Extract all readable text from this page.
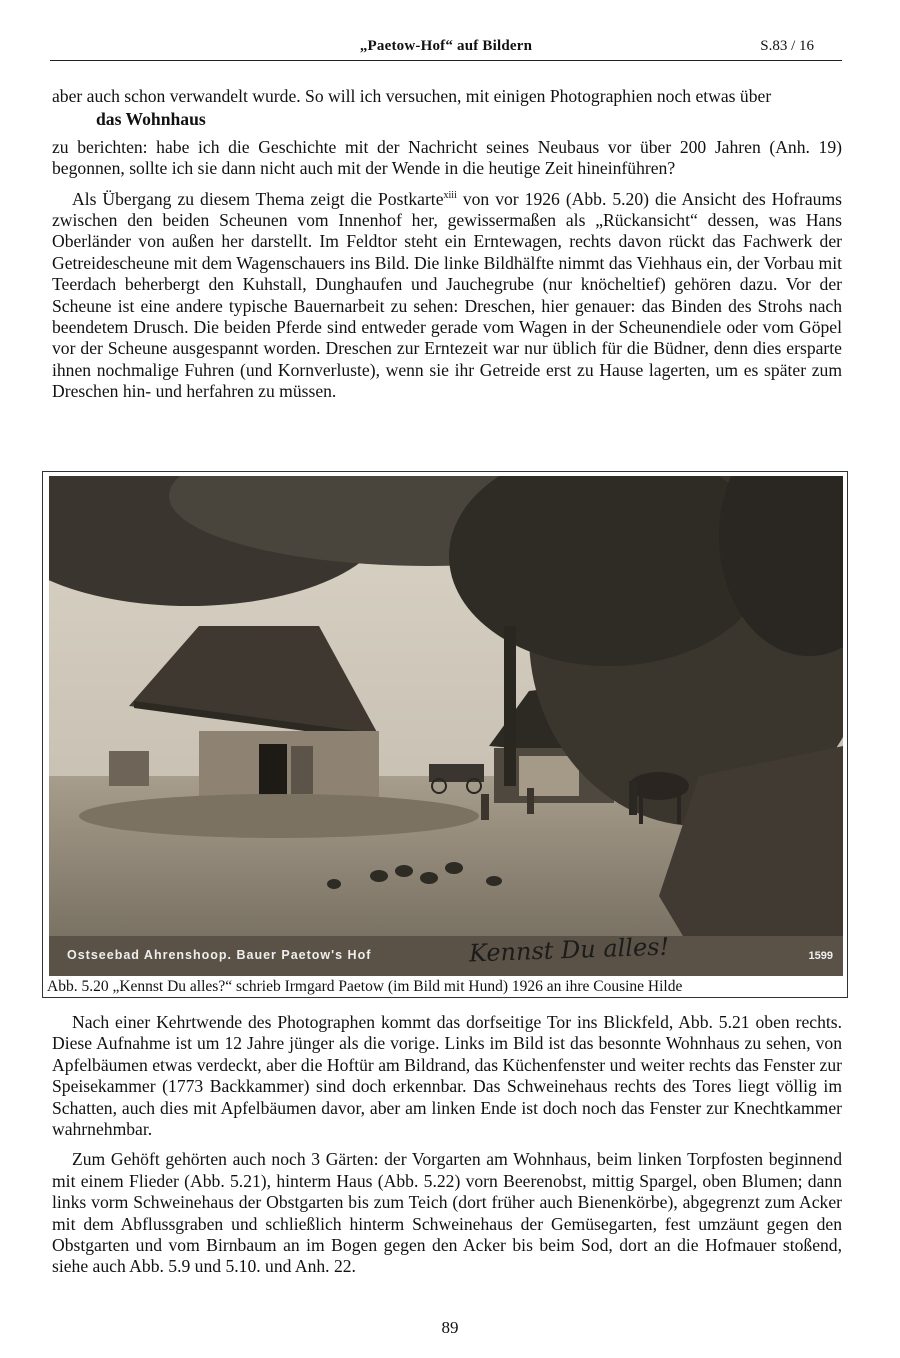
„Paetow-Hof“ auf Bildern	S.83 / 16

aber auch schon verwandelt wurde. So will ich versuchen, mit einigen Photographien noch etwas über

das Wohnhaus

zu berichten: habe ich die Geschichte mit der Nachricht seines Neubaus vor über 200 Jahren (Anh. 19) begonnen, sollte ich sie dann nicht auch mit der Wende in die heutige Zeit hineinführen?

Als Übergang zu diesem Thema zeigt die Postkarte$^{xiii}$ von vor 1926 (Abb. 5.20) die Ansicht des Hofraums zwischen den beiden Scheunen vom Innenhof her, gewissermaßen als „Rückansicht“ dessen, was Hans Oberländer von außen her darstellt. Im Feldtor steht ein Erntewagen, rechts davon rückt das Fachwerk der Getreidescheune mit dem Wagenschauers ins Bild. Die linke Bildhälfte nimmt das Viehhaus ein, der Vorbau mit Teerdach beherbergt den Kuhstall, Dunghaufen und Jauchegrube (nur knöcheltief) gehören dazu. Vor der Scheune ist eine andere typische Bauernarbeit zu sehen: Dreschen, hier genauer: das Binden des Strohs nach beendetem Drusch. Die beiden Pferde sind entweder gerade vom Wagen in der Scheunendiele oder vom Göpel vor der Scheune ausgespannt worden. Dreschen zur Erntezeit war nur üblich für die Büdner, denn dies ersparte ihnen nochmalige Fuhren (und Kornverluste), wenn sie ihr Getreide erst zu Hause lagerten, um es später zum Dreschen hin- und herfahren zu müssen.

Ostseebad Ahrenshoop. Bauer Paetow's Hof	1599
Kennst Du alles!
Abb. 5.20 „Kennst Du alles?“ schrieb Irmgard Paetow (im Bild mit Hund) 1926 an ihre Cousine Hilde

Nach einer Kehrtwende des Photographen kommt das dorfseitige Tor ins Blickfeld, Abb. 5.21 oben rechts. Diese Aufnahme ist um 12 Jahre jünger als die vorige. Links im Bild ist das besonnte Wohnhaus zu sehen, von Apfelbäumen etwas verdeckt, aber die Hoftür am Bildrand, das Küchenfenster und weiter rechts das Fenster zur Speisekammer (1773 Backkammer) sind doch erkennbar. Das Schweinehaus rechts des Tores liegt völlig im Schatten, auch dies mit Apfelbäumen davor, aber am linken Ende ist doch noch das Fenster zur Knechtkammer wahrnehmbar.

Zum Gehöft gehörten auch noch 3 Gärten: der Vorgarten am Wohnhaus, beim linken Torpfosten beginnend mit einem Flieder (Abb. 5.21), hinterm Haus (Abb. 5.22) vorn Beerenobst, mittig Spargel, oben Blumen; dann links vorm Schweinehaus der Obstgarten bis zum Teich (dort früher auch Bienenkörbe), abgegrenzt zum Acker mit dem Abflussgraben und schließlich hinterm Schweinehaus der Gemüsegarten, fest umzäunt gegen den Obstgarten und vom Birnbaum an im Bogen gegen den Acker bis beim Sod, dort an die Hofmauer stoßend, siehe auch Abb. 5.9 und 5.10. und Anh. 22.

89
